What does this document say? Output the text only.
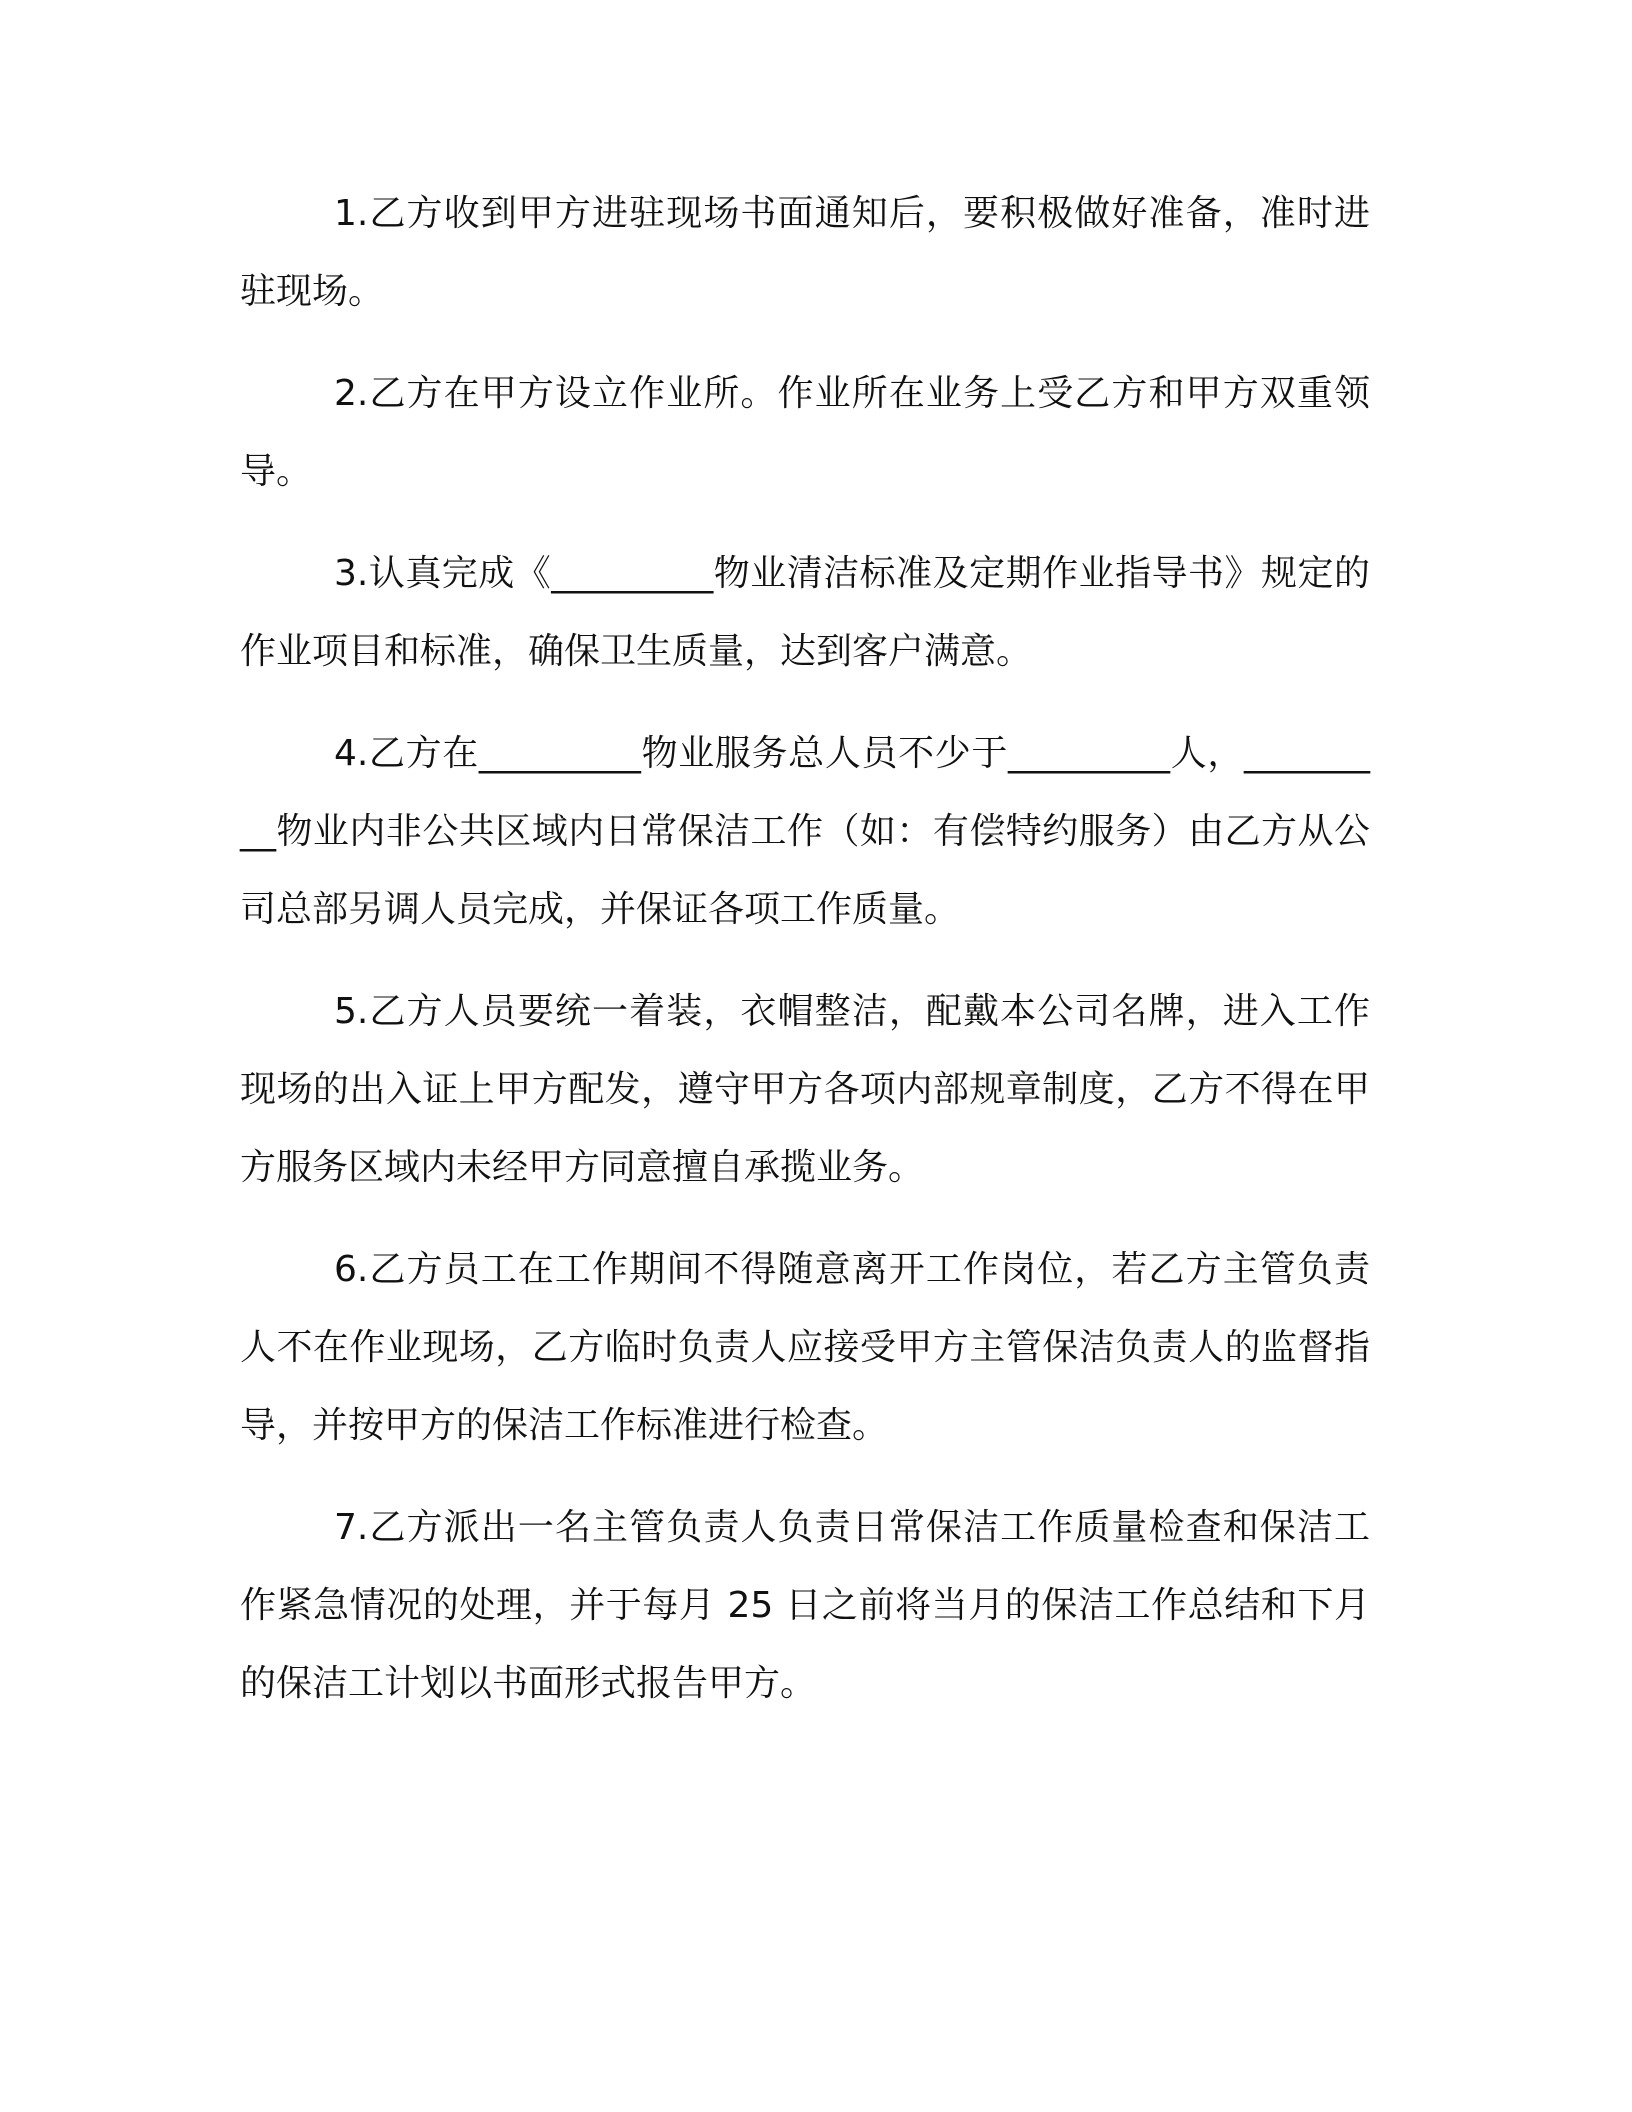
1.乙方收到甲方进驻现场书面通知后，要积极做好准备，准时进驻现场。

2.乙方在甲方设立作业所。作业所在业务上受乙方和甲方双重领导。

3.认真完成《_________物业清洁标准及定期作业指导书》规定的作业项目和标准，确保卫生质量，达到客户满意。

4.乙方在_________物业服务总人员不少于_________人，_________物业内非公共区域内日常保洁工作（如：有偿特约服务）由乙方从公司总部另调人员完成，并保证各项工作质量。

5.乙方人员要统一着装，衣帽整洁，配戴本公司名牌，进入工作现场的出入证上甲方配发，遵守甲方各项内部规章制度，乙方不得在甲方服务区域内未经甲方同意擅自承揽业务。

6.乙方员工在工作期间不得随意离开工作岗位，若乙方主管负责人不在作业现场，乙方临时负责人应接受甲方主管保洁负责人的监督指导，并按甲方的保洁工作标准进行检查。

7.乙方派出一名主管负责人负责日常保洁工作质量检查和保洁工作紧急情况的处理，并于每月 25 日之前将当月的保洁工作总结和下月的保洁工计划以书面形式报告甲方。
